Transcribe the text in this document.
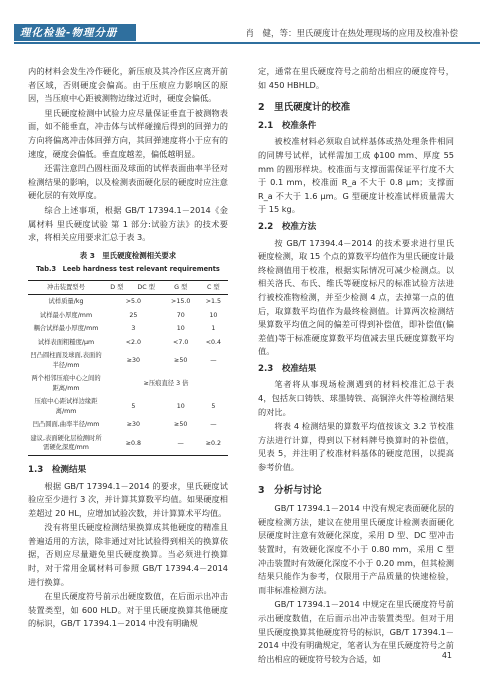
理化检验-物理分册	肖　健，等：里氏硬度计在热处理现场的应用及校准补偿

内的材料会发生冷作硬化，新压痕及其冷作区应离开前者区域，否则硬度会偏高。由于压痕应力影响区的原因，当压痕中心距被测物边缘过近时，硬度会偏低。

里氏硬度检测中试验力应尽量保证垂直于被测物表面，如不能垂直，冲击体与试样碰撞后得到的回弹力的方向将偏离冲击体回弹方向，其回弹速度将小于应有的速度，硬度会偏低。垂直度越差，偏低越明显。

还需注意凹凸圆柱面及球面的试样表面曲率半径对检测结果的影响，以及检测表面硬化层的硬度时应注意硬化层的有效厚度。

综合上述事项，根据 GB/T 17394.1－2014《金属材料 里氏硬度试验 第 1 部分:试验方法》的技术要求，将相关应用要求汇总于表 3。

表 3　里氏硬度检测相关要求
Tab.3　Leeb hardness test relevant requirements
冲击装置型号	D 型	DC 型	G 型	C 型
试样质量/kg	>5.0		>15.0	>1.5
试样最小厚度/mm	25		70	10
耦合试样最小厚度/mm	3		10	1
试样表面粗糙度/μm	<2.0		<7.0	<0.4
凹凸圆柱面及球面,表面的半径/mm	≥30		≥50	—
两个相邻压痕中心之间的距离/mm	≥压痕直径 3 倍			
压痕中心距试样边缘距离/mm	5		10	5
凹凸圆面,曲率半径/mm	≥30		≥50	—
建议,表面硬化层检测时所需硬化深度/mm	≥0.8		—	≥0.2
1.3　检测结果

根据 GB/T 17394.1－2014 的要求，里氏硬度试验应至少进行 3 次，并计算其算数平均值。如果硬度相差超过 20 HL，应增加试验次数，并计算算术平均值。

没有将里氏硬度检测结果换算成其他硬度的精准且普遍适用的方法，除非通过对比试验得到相关的换算依据，否则应尽量避免里氏硬度换算。当必须进行换算时，对于常用金属材料可参照 GB/T 17394.4－2014 进行换算。

在里氏硬度符号前示出硬度数值，在后面示出冲击装置类型，如 600 HLD。对于里氏硬度换算其他硬度的标识，GB/T 17394.1－2014 中没有明确规

定，通常在里氏硬度符号之前给出相应的硬度符号，如 450 HBHLD。

2　里氏硬度计的校准
2.1　校准条件

被校准材料必须取自试样基体或热处理条件相同的同牌号试样，试样需加工成 ϕ100 mm、厚度 55 mm 的圆形样块。校准面与支撑面需保证平行度不大于 0.1 mm，校准面 R_a 不大于 0.8 μm；支撑面 R_a 不大于 1.6 μm。G 型硬度计校准试样质量需大于 15 kg。

2.2　校准方法

按 GB/T 17394.4－2014 的技术要求进行里氏硬度检测，取 15 个点的算数平均值作为里氏硬度计最终检测值用于校准，根据实际情况可减少检测点。以相关洛氏、布氏、维氏等硬度标尺的标准试验方法进行被校准物检测，并至少检测 4 点，去掉第一点的值后，取算数平均值作为最终检测值。计算两次检测结果算数平均值之间的偏差可得到补偿值，即补偿值(偏差值)等于标准硬度算数平均值减去里氏硬度算数平均值。

2.3　校准结果

笔者将从事现场检测遇到的材料校准汇总于表 4，包括灰口铸铁、球墨铸铁、高铜淬火件等检测结果的对比。

将表 4 检测结果的算数平均值按该文 3.2 节校准方法进行计算，得到以下材料牌号换算时的补偿值，见表 5，并注明了校准材料基体的硬度范围，以提高参考价值。

3　分析与讨论

GB/T 17394.1－2014 中没有规定表面硬化层的硬度检测方法，建议在使用里氏硬度计检测表面硬化层硬度时注意有效硬化深度，采用 D 型、DC 型冲击装置时，有效硬化深度不小于 0.80 mm，采用 C 型冲击装置时有效硬化深度不小于 0.20 mm，但其检测结果只能作为参考，仅限用于产品质量的快速检验，而非标准检测方法。

GB/T 17394.1－2014 中规定在里氏硬度符号前示出硬度数值，在后面示出冲击装置类型。但对于用里氏硬度换算其他硬度符号的标识，GB/T 17394.1－2014 中没有明确规定，笔者认为在里氏硬度符号之前给出相应的硬度符号较为合适，如	41
